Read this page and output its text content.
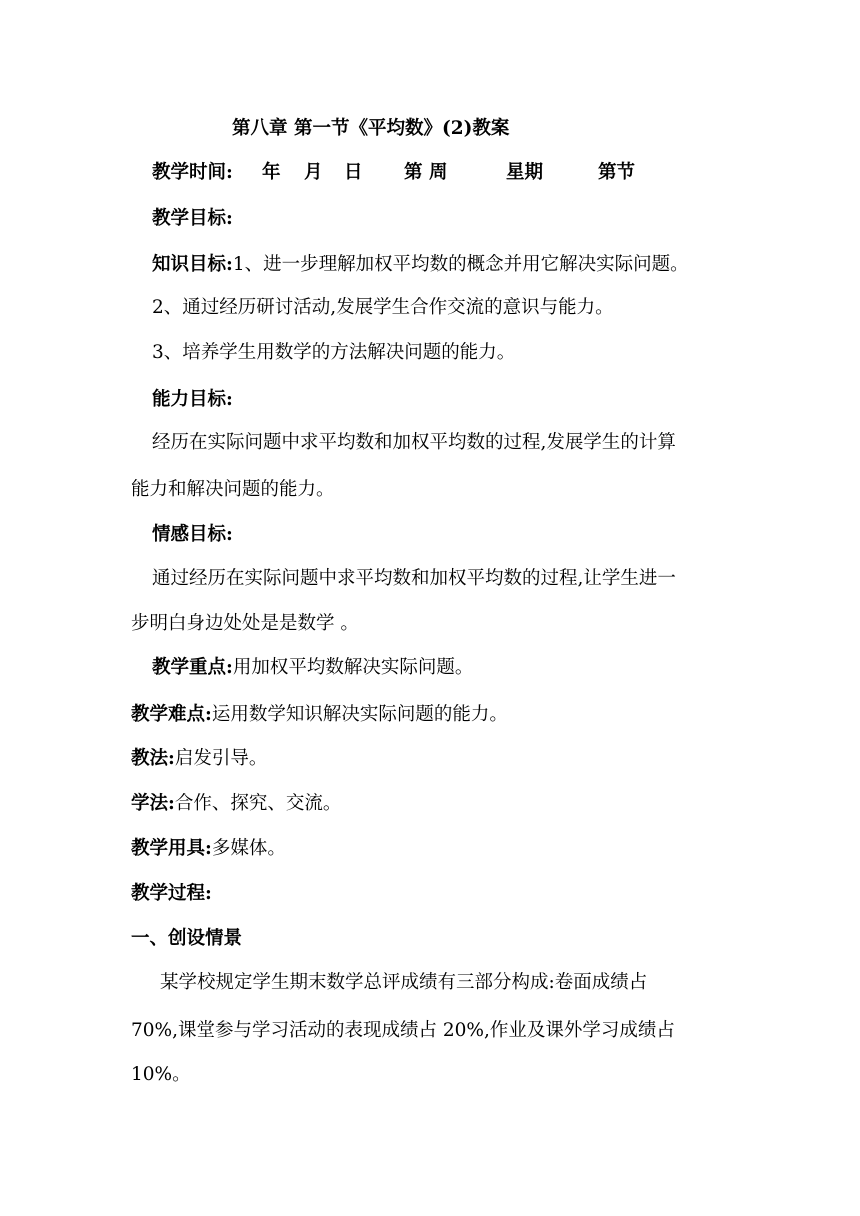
第八章 第一节《平均数》(2)教案
教学时间: 年 月 日 第 周	星期	第节
教学目标:
知识目标:1、进一步理解加权平均数的概念并用它解决实际问题。
2、通过经历研讨活动,发展学生合作交流的意识与能力。
3、培养学生用数学的方法解决问题的能力。
能力目标:
经历在实际问题中求平均数和加权平均数的过程,发展学生的计算
能力和解决问题的能力。
情感目标:
通过经历在实际问题中求平均数和加权平均数的过程,让学生进一
步明白身边处处是是数学 。
教学重点:用加权平均数解决实际问题。
教学难点:运用数学知识解决实际问题的能力。
教法:启发引导。
学法:合作、探究、交流。
教学用具:多媒体。
教学过程:
一、创设情景
某学校规定学生期末数学总评成绩有三部分构成:卷面成绩占
70%,课堂参与学习活动的表现成绩占 20%,作业及课外学习成绩占
10%。
